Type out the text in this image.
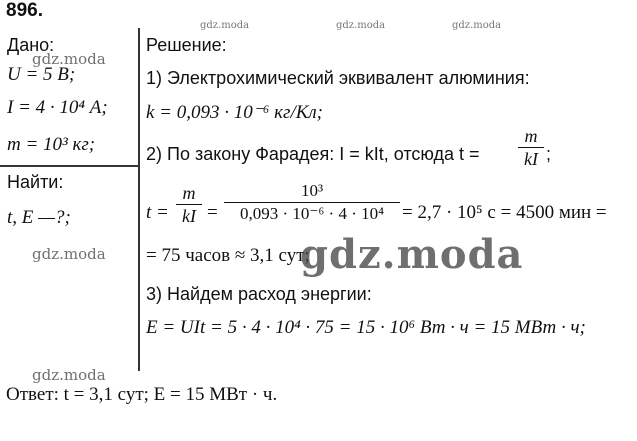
896.
gdz.moda	gdz.moda	gdz.moda
Дано:
gdz.moda
U = 5 В;
I = 4 · 10⁴ А;
m = 10³ кг;
Найти:
t, E —?;
gdz.moda
Решение:
1) Электрохимический эквивалент алюминия:
k = 0,093 · 10⁻⁶ кг/Кл;
2) По закону Фарадея: I = kIt, отсюда t =
m
kI ;
t =
m
kI =
10³
0,093 · 10⁻⁶ · 4 · 10⁴ = 2,7 · 10⁵ с = 4500 мин =
= 75 часов ≈ 3,1 сут;
gdz.moda
3) Найдем расход энергии:
E = UIt = 5 · 4 · 10⁴ · 75 = 15 · 10⁶ Вт · ч = 15 МВт · ч;
gdz.moda
Ответ: t = 3,1 сут; E = 15 МВт · ч.
